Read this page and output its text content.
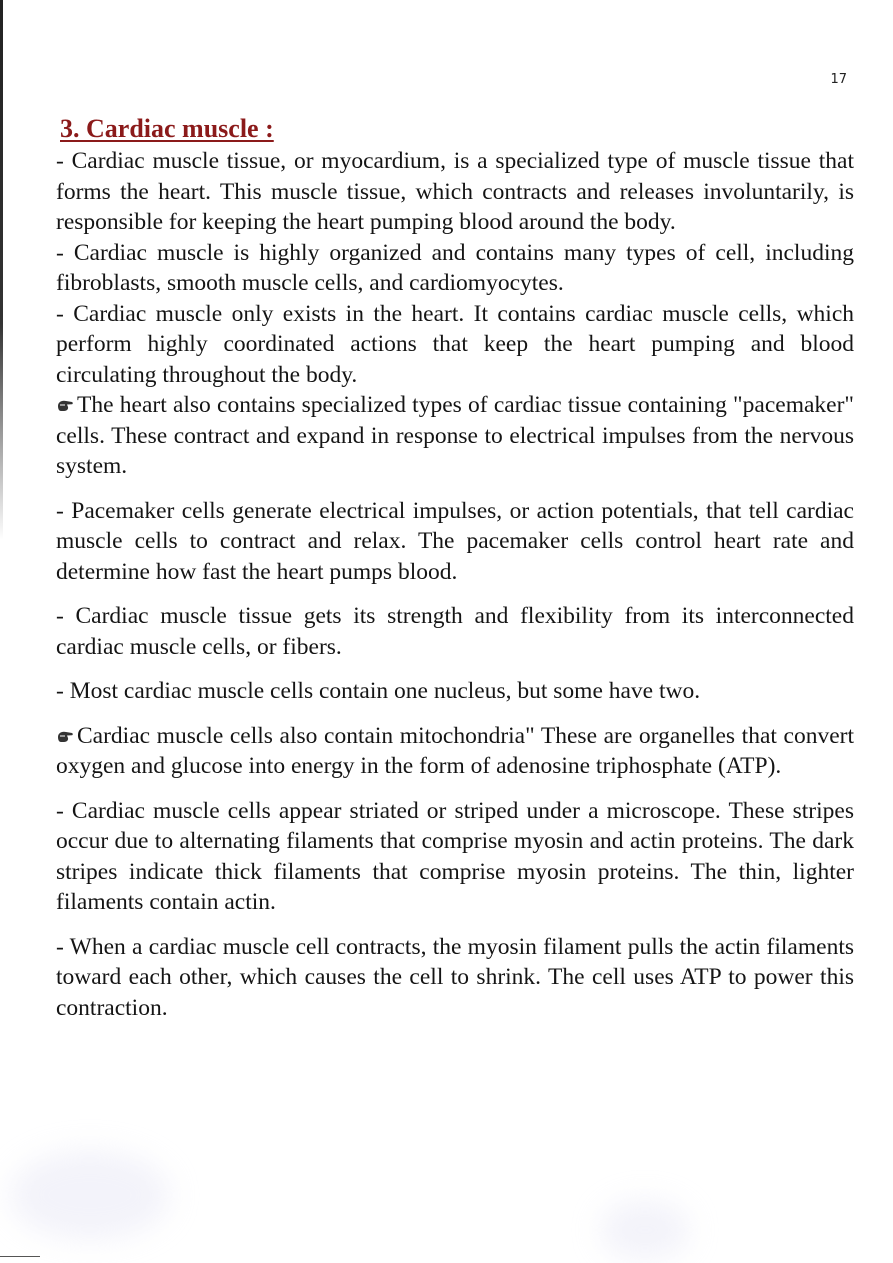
17
3. Cardiac muscle :

- Cardiac muscle tissue, or myocardium, is a specialized type of muscle tissue that forms the heart. This muscle tissue, which contracts and releases involuntarily, is responsible for keeping the heart pumping blood around the body.

- Cardiac muscle is highly organized and contains many types of cell, including fibroblasts, smooth muscle cells, and cardiomyocytes.

- Cardiac muscle only exists in the heart. It contains cardiac muscle cells, which perform highly coordinated actions that keep the heart pumping and blood circulating throughout the body.

The heart also contains specialized types of cardiac tissue containing "pacemaker" cells. These contract and expand in response to electrical impulses from the nervous system.

- Pacemaker cells generate electrical impulses, or action potentials, that tell cardiac muscle cells to contract and relax. The pacemaker cells control heart rate and determine how fast the heart pumps blood.

- Cardiac muscle tissue gets its strength and flexibility from its interconnected cardiac muscle cells, or fibers.

- Most cardiac muscle cells contain one nucleus, but some have two.

Cardiac muscle cells also contain mitochondria" These are organelles that convert oxygen and glucose into energy in the form of adenosine triphosphate (ATP).

- Cardiac muscle cells appear striated or striped under a microscope. These stripes occur due to alternating filaments that comprise myosin and actin proteins. The dark stripes indicate thick filaments that comprise myosin proteins. The thin, lighter filaments contain actin.

- When a cardiac muscle cell contracts, the myosin filament pulls the actin filaments toward each other, which causes the cell to shrink. The cell uses ATP to power this contraction.
